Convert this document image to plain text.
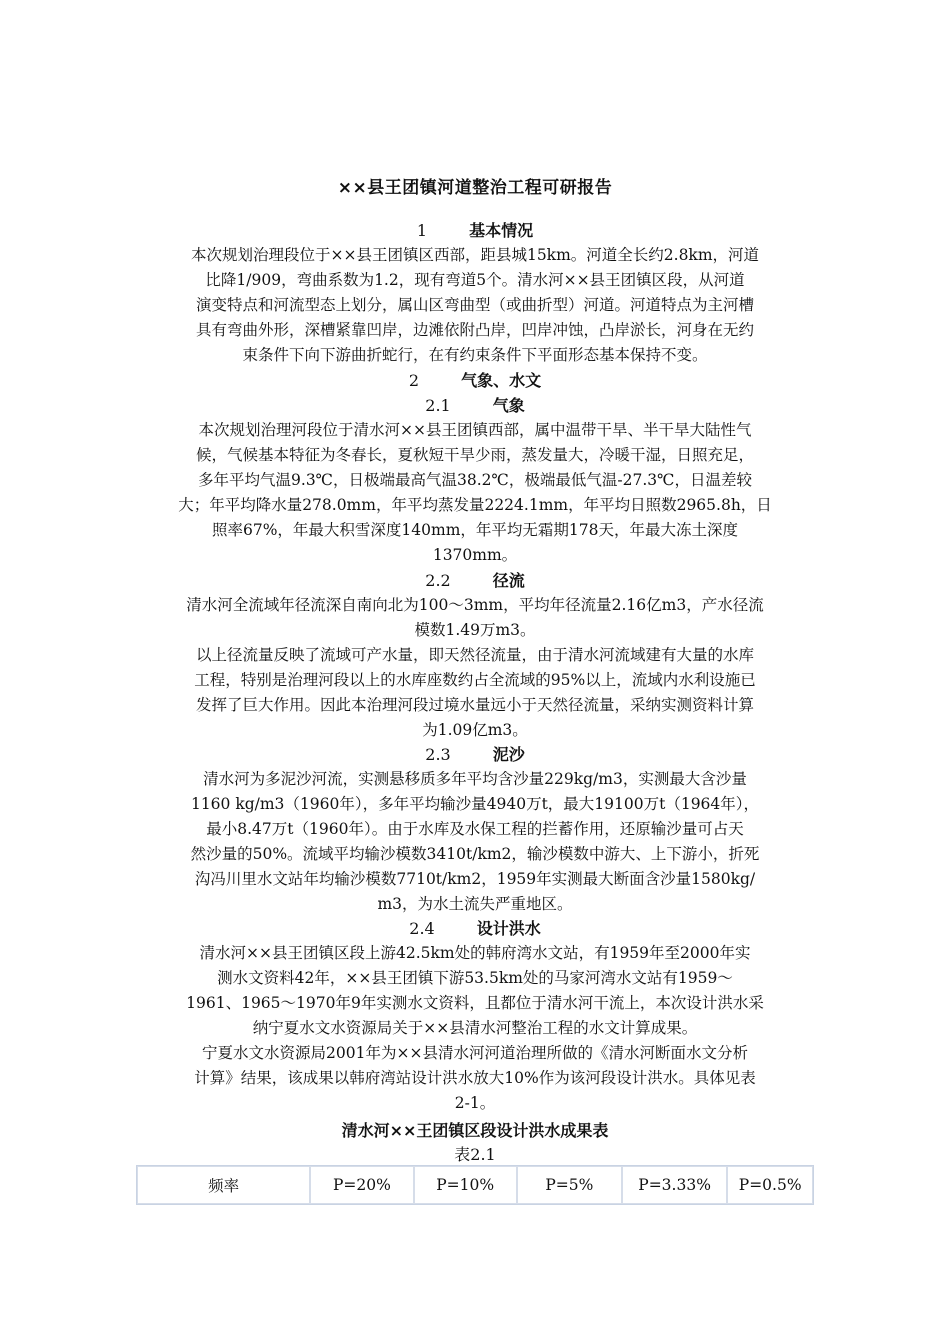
××县王团镇河道整治工程可研报告
1	基本情况
本次规划治理段位于××县王团镇区西部，距县城15km。河道全长约2.8km，河道
比降1/909，弯曲系数为1.2，现有弯道5个。清水河××县王团镇区段，从河道
演变特点和河流型态上划分，属山区弯曲型（或曲折型）河道。河道特点为主河槽
具有弯曲外形，深槽紧靠凹岸，边滩依附凸岸，凹岸冲蚀，凸岸淤长，河身在无约
束条件下向下游曲折蛇行，在有约束条件下平面形态基本保持不变。
2	气象、水文
2.1	气象
本次规划治理河段位于清水河××县王团镇西部，属中温带干旱、半干旱大陆性气
候，气候基本特征为冬春长，夏秋短干旱少雨，蒸发量大，冷暖干湿，日照充足，
多年平均气温9.3℃，日极端最高气温38.2℃，极端最低气温-27.3℃，日温差较
大；年平均降水量278.0mm，年平均蒸发量2224.1mm，年平均日照数2965.8h，日
照率67%，年最大积雪深度140mm，年平均无霜期178天，年最大冻土深度
1370mm。
2.2	径流
清水河全流域年径流深自南向北为100～3mm，平均年径流量2.16亿m3，产水径流
模数1.49万m3。
以上径流量反映了流域可产水量，即天然径流量，由于清水河流域建有大量的水库
工程，特别是治理河段以上的水库座数约占全流域的95%以上，流域内水利设施已
发挥了巨大作用。因此本治理河段过境水量远小于天然径流量，采纳实测资料计算
为1.09亿m3。
2.3	泥沙
清水河为多泥沙河流，实测悬移质多年平均含沙量229kg/m3，实测最大含沙量
1160 kg/m3（1960年），多年平均输沙量4940万t，最大19100万t（1964年），
最小8.47万t（1960年）。由于水库及水保工程的拦蓄作用，还原输沙量可占天
然沙量的50%。流域平均输沙模数3410t/km2，输沙模数中游大、上下游小，折死
沟冯川里水文站年均输沙模数7710t/km2，1959年实测最大断面含沙量1580kg/
m3，为水土流失严重地区。
2.4	设计洪水
清水河××县王团镇区段上游42.5km处的韩府湾水文站，有1959年至2000年实
测水文资料42年，××县王团镇下游53.5km处的马家河湾水文站有1959～
1961、1965～1970年9年实测水文资料，且都位于清水河干流上，本次设计洪水采
纳宁夏水文水资源局关于××县清水河整治工程的水文计算成果。
宁夏水文水资源局2001年为××县清水河河道治理所做的《清水河断面水文分析
计算》结果，该成果以韩府湾站设计洪水放大10%作为该河段设计洪水。具体见表
2-1。
清水河××王团镇区段设计洪水成果表
表2.1
频率	P=20%	P=10%	P=5%	P=3.33%	P=0.5%
